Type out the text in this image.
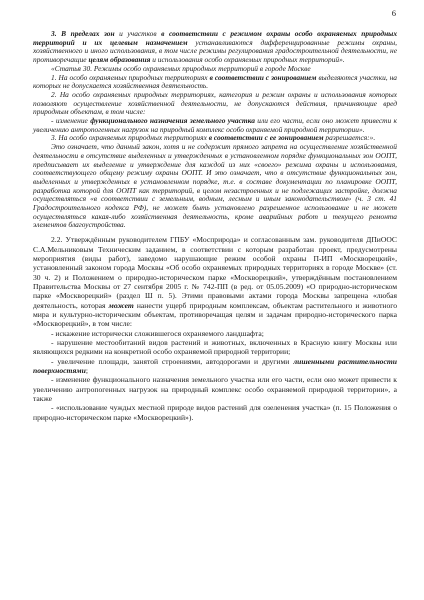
6

3. В пределах зон и участков в соответствии с режимом охраны особо охраняемых природных территорий и их целевым назначением устанавливаются дифференцированные режимы охраны, хозяйственного и иного использования, в том числе режимы регулирования градостроительной деятельности, не противоречащие целям образования и использования особо охраняемых природных территорий».

«Статья 30. Режимы особо охраняемых природных территорий в городе Москве

1. На особо охраняемых природных территориях в соответствии с зонированием выделяются участки, на которых не допускается хозяйственная деятельность.

2. На особо охраняемых природных территориях, категория и режим охраны и использования которых позволяют осуществление хозяйственной деятельности, не допускаются действия, причиняющие вред природным объектам, в том числе:

- изменение функционального назначения земельного участка или его части, если оно может привести к увеличению антропогенных нагрузок на природный комплекс особо охраняемой природной территории».

3. На особо охраняемых природных территориях в соответствии с ее зонированием разрешается:».

Это означает, что данный закон, хотя и не содержит прямого запрета на осуществление хозяйственной деятельности в отсутствие выделенных и утвержденных в установленном порядке функциональных зон ООПТ, предписывает их выделение и утверждение для каждой из них «своего» режима охраны и использования, соответствующего общему режиму охраны ООПТ. И это означает, что в отсутствие функциональных зон, выделенных и утвержденных в установленном порядке, т.е. в составе документации по планировке ООПТ, разработка которой для ООПТ как территорий, в целом незастроенных и не подлежащих застройке, должна осуществляться «в соответствии с земельным, водным, лесным и иным законодательством» (ч. 3 ст. 41 Градостроительного кодекса РФ), не может быть установлено разрешенное использование и не может осуществляться какая-либо хозяйственная деятельность, кроме аварийных работ и текущего ремонта элементов благоустройства.

2.2. Утверждённым руководителем ГПБУ «Мосприрода» и согласованным зам. руководителя ДПиООС С.А.Мельниковым Техническим заданием, в соответствии с которым разработан проект, предусмотрены мероприятия (виды работ), заведомо нарушающие режим особой охраны П-ИП «Москворецкий», установленный законом города Москвы «Об особо охраняемых природных территориях в городе Москве» (ст. 30 ч. 2) и Положением о природно-историческом парке «Москворецкий», утверждённым постановлением Правительства Москвы от 27 сентября 2005 г. № 742-ПП (в ред. от 05.05.2009) «О природно-историческом парке «Москворецкий» (раздел Ш п. 5). Этими правовыми актами города Москвы запрещена «любая деятельность, которая может нанести ущерб природным комплексам, объектам растительного и животного мира и культурно-историческим объектам, противоречащая целям и задачам природно-исторического парка «Москворецкий», в том числе:

- искажение исторически сложившегося охраняемого ландшафта;

- нарушение местообитаний видов растений и животных, включенных в Красную книгу Москвы или являющихся редкими на конкретной особо охраняемой природной территории;

- увеличение площади, занятой строениями, автодорогами и другими лишенными растительности поверхностями;

- изменение функционального назначения земельного участка или его части, если оно может привести к увеличению антропогенных нагрузок на природный комплекс особо охраняемой природной территории», а также

- «использование чуждых местной природе видов растений для озеленения участка» (п. 15 Положения о природно-историческом парке «Москворецкий»).
